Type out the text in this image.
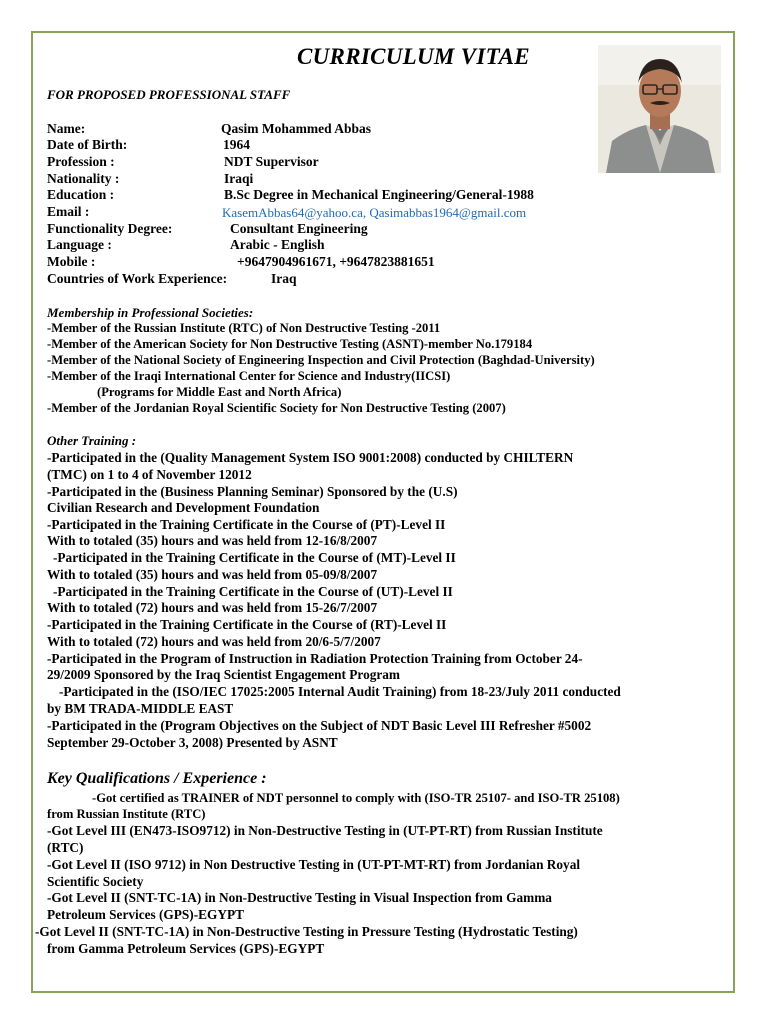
CURRICULUM VITAE
FOR PROPOSED PROFESSIONAL STAFF
Name:	Qasim Mohammed Abbas
Date of Birth:	1964
Profession :	NDT Supervisor
Nationality :	Iraqi
Education :	B.Sc Degree in Mechanical Engineering/General-1988
Email :	KasemAbbas64@yahoo.ca, Qasimabbas1964@gmail.com
Functionality Degree:	Consultant Engineering
Language :	Arabic - English
Mobile :	+9647904961671, +9647823881651
Countries of Work Experience:	Iraq
Membership in Professional Societies:
-Member of the Russian Institute (RTC) of Non Destructive Testing -2011
-Member of the American Society for Non Destructive Testing (ASNT)-member No.179184
-Member of the National Society of Engineering Inspection and Civil Protection (Baghdad-University)
-Member of the Iraqi International Center for Science and Industry(IICSI)
(Programs for Middle East and North Africa)
-Member of the Jordanian Royal Scientific Society for Non Destructive Testing (2007)
Other Training :
-Participated in the (Quality Management System ISO 9001:2008) conducted by CHILTERN
(TMC) on 1 to 4 of November 12012
-Participated in the (Business Planning Seminar) Sponsored by the (U.S)
Civilian Research and Development Foundation
-Participated in the Training Certificate in the Course of (PT)-Level II
With to totaled (35) hours and was held from 12-16/8/2007
-Participated in the Training Certificate in the Course of (MT)-Level II
With to totaled (35) hours and was held from 05-09/8/2007
-Participated in the Training Certificate in the Course of (UT)-Level II
With to totaled (72) hours and was held from 15-26/7/2007
-Participated in the Training Certificate in the Course of (RT)-Level II
With to totaled (72) hours and was held from 20/6-5/7/2007
-Participated in the Program of Instruction in Radiation Protection Training from October 24-
29/2009 Sponsored by the Iraq Scientist Engagement Program
-Participated in the (ISO/IEC 17025:2005 Internal Audit Training) from 18-23/July 2011 conducted
by BM TRADA-MIDDLE EAST
-Participated in the (Program Objectives on the Subject of NDT Basic Level III Refresher #5002
September 29-October 3, 2008) Presented by ASNT
Key Qualifications / Experience :
-Got certified as TRAINER of NDT personnel to comply with (ISO-TR 25107- and ISO-TR 25108)
from Russian Institute (RTC)
-Got Level III (EN473-ISO9712) in Non-Destructive Testing in (UT-PT-RT) from Russian Institute
(RTC)
-Got Level II (ISO 9712) in Non Destructive Testing in (UT-PT-MT-RT) from Jordanian Royal
Scientific Society
-Got Level II (SNT-TC-1A) in Non-Destructive Testing in Visual Inspection from Gamma
Petroleum Services (GPS)-EGYPT
-Got Level II (SNT-TC-1A) in Non-Destructive Testing in Pressure Testing (Hydrostatic Testing)
from Gamma Petroleum Services (GPS)-EGYPT
